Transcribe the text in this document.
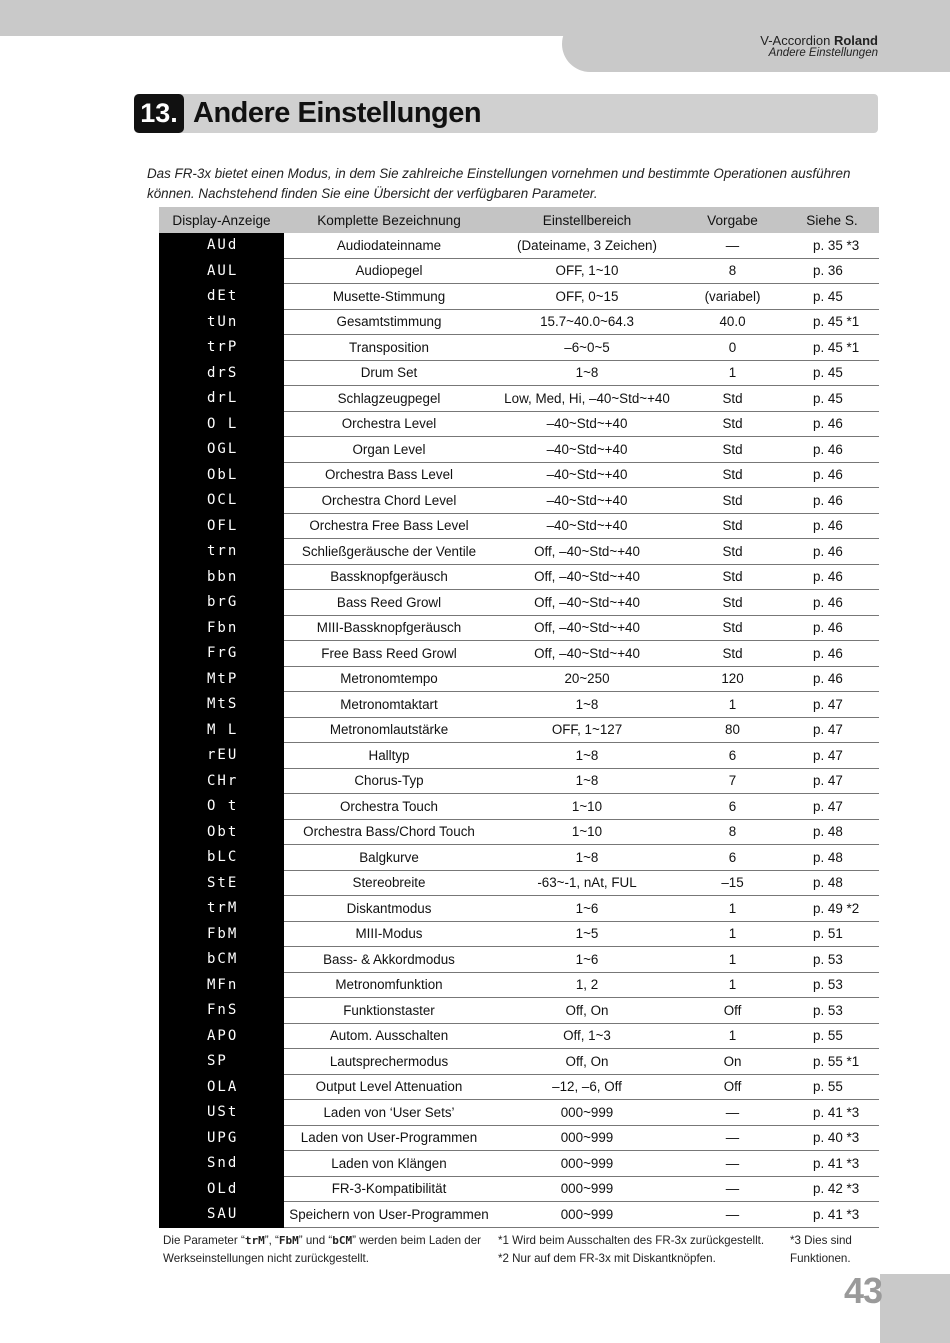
V-Accordion Roland
Andere Einstellungen
13. Andere Einstellungen

Das FR-3x bietet einen Modus, in dem Sie zahlreiche Einstellungen vornehmen und bestimmte Operationen ausführen können. Nachstehend finden Sie eine Übersicht der verfügbaren Parameter.

Display-Anzeige	Komplette Bezeichnung	Einstellbereich	Vorgabe	Siehe S.
AUd	Audiodateinname	(Dateiname, 3 Zeichen)	—	p. 35 *3
AUL	Audiopegel	OFF, 1~10	8	p. 36
dEt	Musette-Stimmung	OFF, 0~15	(variabel)	p. 45
tUn	Gesamtstimmung	15.7~40.0~64.3	40.0	p. 45 *1
trP	Transposition	–6~0~5	0	p. 45 *1
drS	Drum Set	1~8	1	p. 45
drL	Schlagzeugpegel	Low, Med, Hi, –40~Std~+40	Std	p. 45
O L	Orchestra Level	–40~Std~+40	Std	p. 46
OGL	Organ Level	–40~Std~+40	Std	p. 46
ObL	Orchestra Bass Level	–40~Std~+40	Std	p. 46
OCL	Orchestra Chord Level	–40~Std~+40	Std	p. 46
OFL	Orchestra Free Bass Level	–40~Std~+40	Std	p. 46
trn	Schließgeräusche der Ventile	Off, –40~Std~+40	Std	p. 46
bbn	Bassknopfgeräusch	Off, –40~Std~+40	Std	p. 46
brG	Bass Reed Growl	Off, –40~Std~+40	Std	p. 46
Fbn	MIII-Bassknopfgeräusch	Off, –40~Std~+40	Std	p. 46
FrG	Free Bass Reed Growl	Off, –40~Std~+40	Std	p. 46
MtP	Metronomtempo	20~250	120	p. 46
MtS	Metronomtaktart	1~8	1	p. 47
M L	Metronomlautstärke	OFF, 1~127	80	p. 47
rEU	Halltyp	1~8	6	p. 47
CHr	Chorus-Typ	1~8	7	p. 47
O t	Orchestra Touch	1~10	6	p. 47
Obt	Orchestra Bass/Chord Touch	1~10	8	p. 48
bLC	Balgkurve	1~8	6	p. 48
StE	Stereobreite	-63~-1, nAt, FUL	–15	p. 48
trM	Diskantmodus	1~6	1	p. 49 *2
FbM	MIII-Modus	1~5	1	p. 51
bCM	Bass- & Akkordmodus	1~6	1	p. 53
MFn	Metronomfunktion	1, 2	1	p. 53
FnS	Funktionstaster	Off, On	Off	p. 53
APO	Autom. Ausschalten	Off, 1~3	1	p. 55
SP	Lautsprechermodus	Off, On	On	p. 55 *1
OLA	Output Level Attenuation	–12, –6, Off	Off	p. 55
USt	Laden von ‘User Sets’	000~999	—	p. 41 *3
UPG	Laden von User-Programmen	000~999	—	p. 40 *3
Snd	Laden von Klängen	000~999	—	p. 41 *3
OLd	FR-3-Kompatibilität	000~999	—	p. 42 *3
SAU	Speichern von User-Programmen	000~999	—	p. 41 *3
Die Parameter “trM”, “FbM” und “bCM” werden beim Laden der Werkseinstellungen nicht zurückgestellt.
*1 Wird beim Ausschalten des FR-3x zurückgestellt.
*2 Nur auf dem FR-3x mit Diskantknöpfen.
*3 Dies sind Funktionen.
43
